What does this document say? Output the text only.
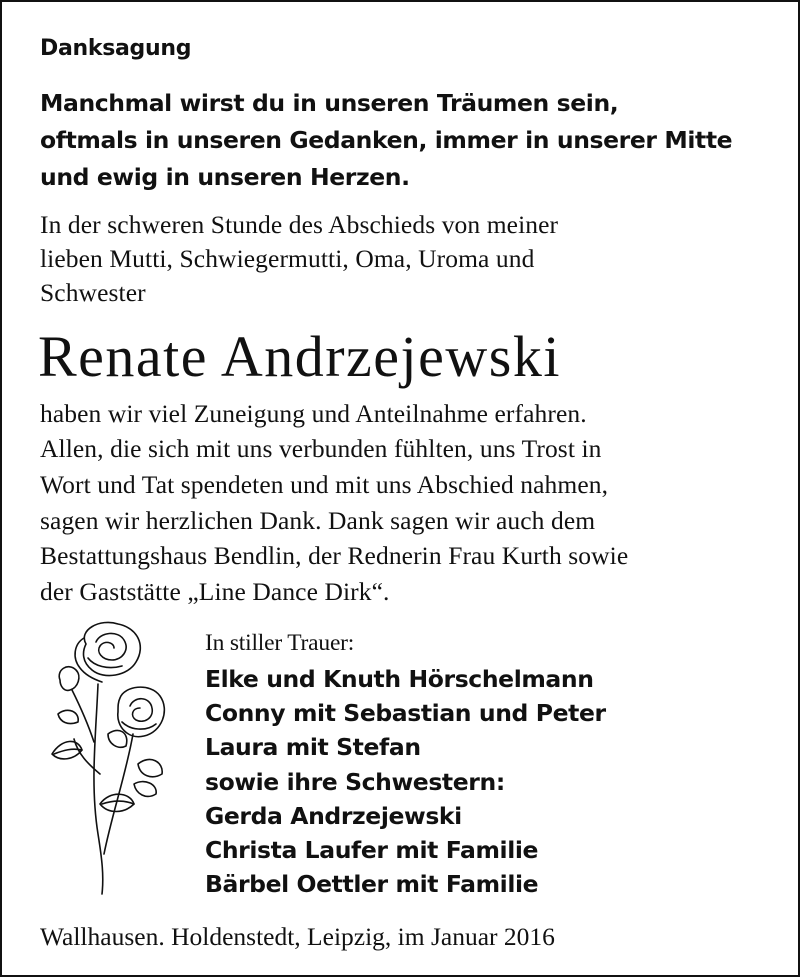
Danksagung
Manchmal wirst du in unseren Träumen sein,
oftmals in unseren Gedanken, immer in unserer Mitte
und ewig in unseren Herzen.
In der schweren Stunde des Abschieds von meiner
lieben Mutti, Schwiegermutti, Oma, Uroma und
Schwester
Renate Andrzejewski
haben wir viel Zuneigung und Anteilnahme erfahren.
Allen, die sich mit uns verbunden fühlten, uns Trost in
Wort und Tat spendeten und mit uns Abschied nahmen,
sagen wir herzlichen Dank. Dank sagen wir auch dem
Bestattungshaus Bendlin, der Rednerin Frau Kurth sowie
der Gaststätte „Line Dance Dirk“.
In stiller Trauer:
Elke und Knuth Hörschelmann
Conny mit Sebastian und Peter
Laura mit Stefan
sowie ihre Schwestern:
Gerda Andrzejewski
Christa Laufer mit Familie
Bärbel Oettler mit Familie
Wallhausen. Holdenstedt, Leipzig, im Januar 2016
